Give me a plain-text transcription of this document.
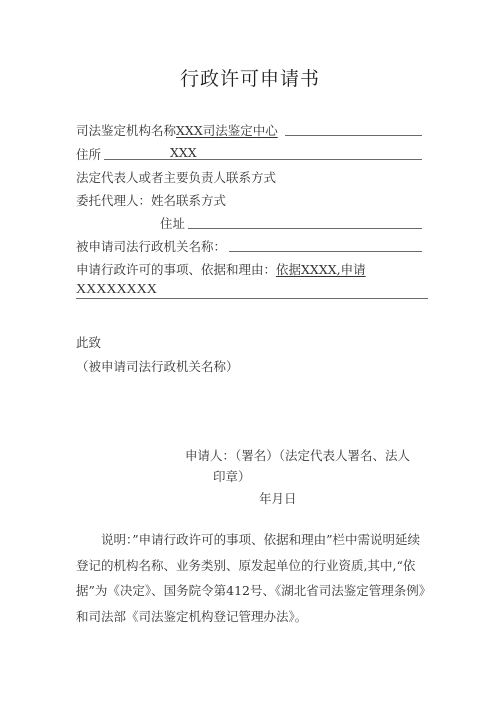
行政许可申请书
司法鉴定机构名称XXX司法鉴定中心
住所	XXX
法定代表人或者主要负责人联系方式
委托代理人：姓名联系方式
住址
被申请司法行政机关名称：
申请行政许可的事项、依据和理由：依据XXXX,申请
XXXXXXXX
此致
（被申请司法行政机关名称）
申请人：（署名）（法定代表人署名、法人
印章）
年月日
说明：”申请行政许可的事项、依据和理由”栏中需说明延续登记的机构名称、业务类别、原发起单位的行业资质,其中,“依据”为《决定》、国务院令第412号、《湖北省司法鉴定管理条例》和司法部《司法鉴定机构登记管理办法》。
